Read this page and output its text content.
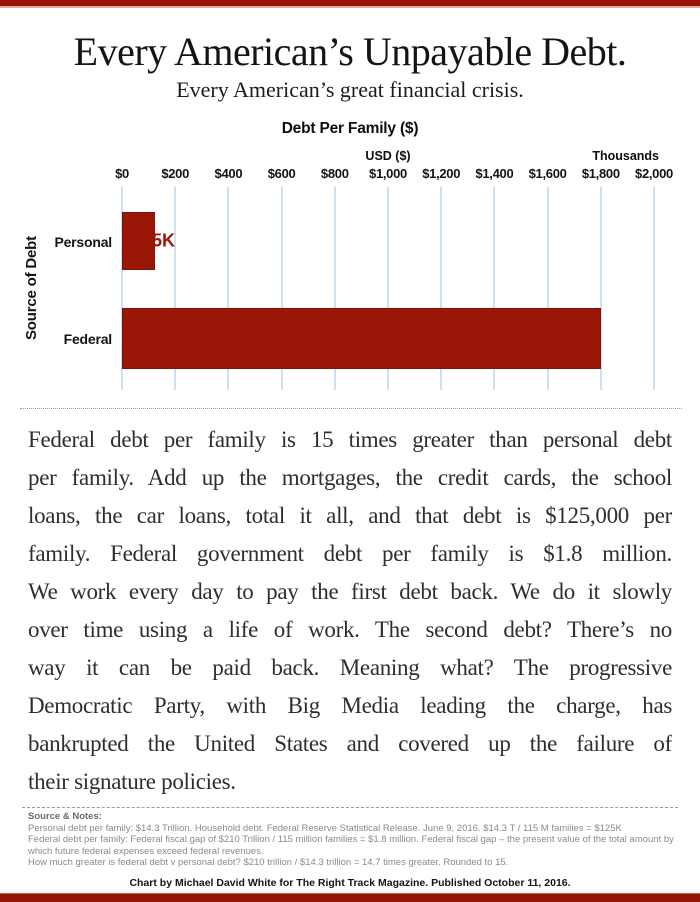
Every American’s Unpayable Debt.
Every American’s great financial crisis.
Debt Per Family ($)
USD ($)	Thousands
$0 $200 $400 $600 $800 $1,000 $1,200 $1,400 $1,600 $1,800 $2,000
$125K
$1.8M
Personal
Federal
Source of Debt
Federal debt per family is 15 times greater than personal debt
per family. Add up the mortgages, the credit cards, the school
loans, the car loans, total it all, and that debt is $125,000 per
family. Federal government debt per family is $1.8 million.
We work every day to pay the first debt back. We do it slowly
over time using a life of work. The second debt? There’s no
way it can be paid back. Meaning what? The progressive
Democratic Party, with Big Media leading the charge, has
bankrupted the United States and covered up the failure of
their signature policies.
Source & Notes:
Personal debt per family: $14.3 Trillion. Household debt. Federal Reserve Statistical Release. June 9, 2016. $14.3 T / 115 M families = $125K
Federal debt per family: Federal fiscal gap of $210 Trillion / 115 million families = $1.8 million. Federal fiscal gap – the present value of the total amount by which future federal expenses exceed federal revenues.
How much greater is federal debt v personal debt? $210 trillion / $14.3 trillion = 14.7 times greater. Rounded to 15.
Chart by Michael David White for The Right Track Magazine. Published October 11, 2016.
